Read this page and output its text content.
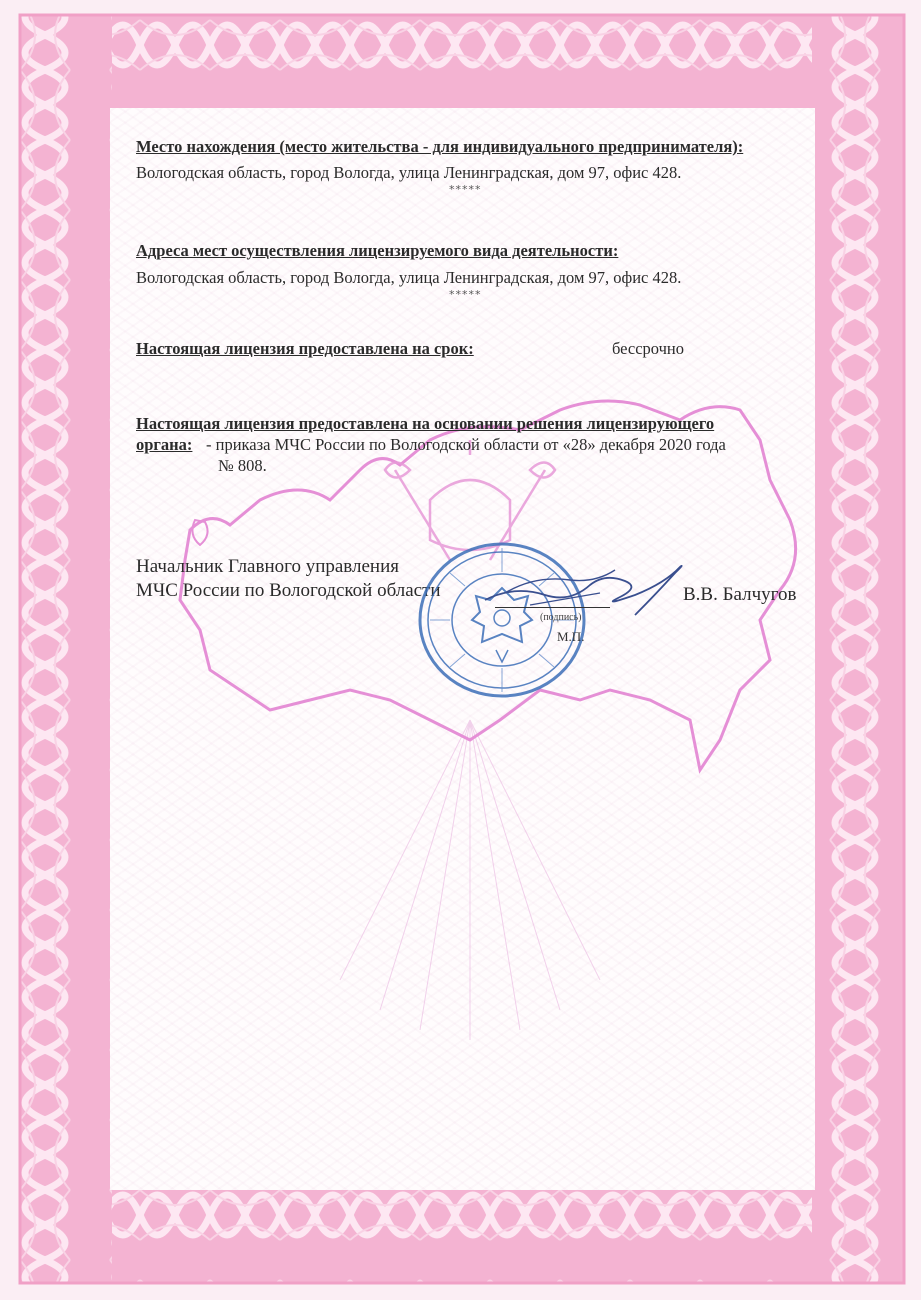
Место нахождения (место жительства - для индивидуального предпринимателя):
Вологодская область, город Вологда, улица Ленинградская, дом 97, офис 428.
*****
Адреса мест осуществления лицензируемого вида деятельности:
Вологодская область, город Вологда, улица Ленинградская, дом 97, офис 428.
*****
Настоящая лицензия предоставлена на срок:	бессрочно
Настоящая лицензия предоставлена на основании решения лицензирующего
органа: - приказа МЧС России по Вологодской области от «28» декабря 2020 года
№ 808.
Начальник Главного управления
МЧС России по Вологодской области
(подпись)
М.П.
В.В. Балчугов
